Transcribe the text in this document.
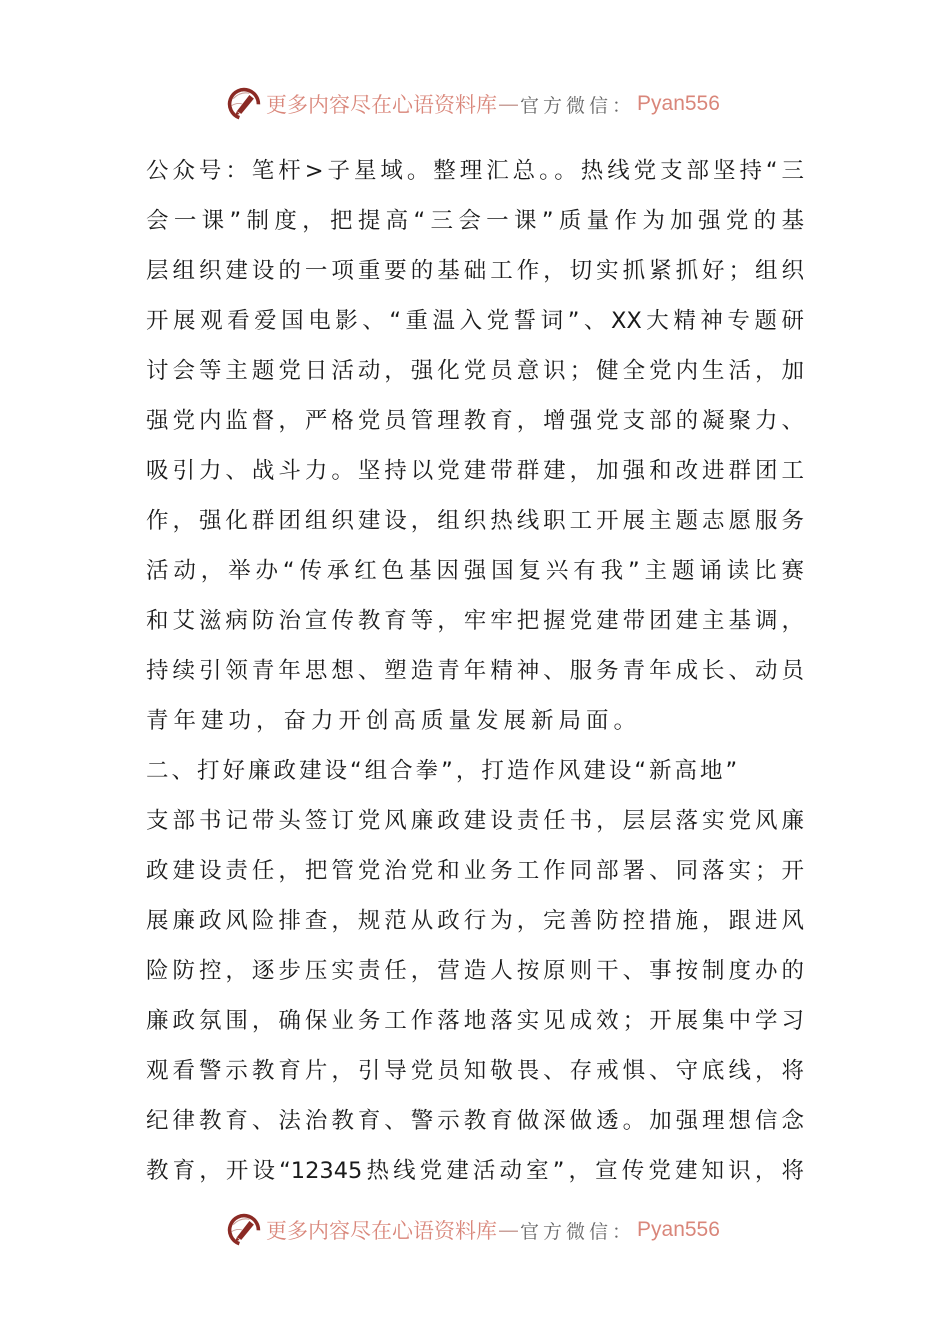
更多内容尽在心语资料库 — 官方微信： Pyan556
公众号：笔杆>子星域。整理汇总。。热线党支部坚持“三
会一课”制度，把提高“三会一课”质量作为加强党的基
层组织建设的一项重要的基础工作，切实抓紧抓好；组织
开展观看爱国电影、“重温入党誓词”、XX大精神专题研
讨会等主题党日活动，强化党员意识；健全党内生活，加
强党内监督，严格党员管理教育，增强党支部的凝聚力、
吸引力、战斗力。坚持以党建带群建，加强和改进群团工
作，强化群团组织建设，组织热线职工开展主题志愿服务
活动，举办“传承红色基因强国复兴有我”主题诵读比赛
和艾滋病防治宣传教育等，牢牢把握党建带团建主基调，
持续引领青年思想、塑造青年精神、服务青年成长、动员
青年建功，奋力开创高质量发展新局面。
二、打好廉政建设“组合拳”，打造作风建设“新高地”
支部书记带头签订党风廉政建设责任书，层层落实党风廉
政建设责任，把管党治党和业务工作同部署、同落实；开
展廉政风险排查，规范从政行为，完善防控措施，跟进风
险防控，逐步压实责任，营造人按原则干、事按制度办的
廉政氛围，确保业务工作落地落实见成效；开展集中学习
观看警示教育片，引导党员知敬畏、存戒惧、守底线，将
纪律教育、法治教育、警示教育做深做透。加强理想信念
教育，开设“12345热线党建活动室”，宣传党建知识，将
更多内容尽在心语资料库 — 官方微信： Pyan556
